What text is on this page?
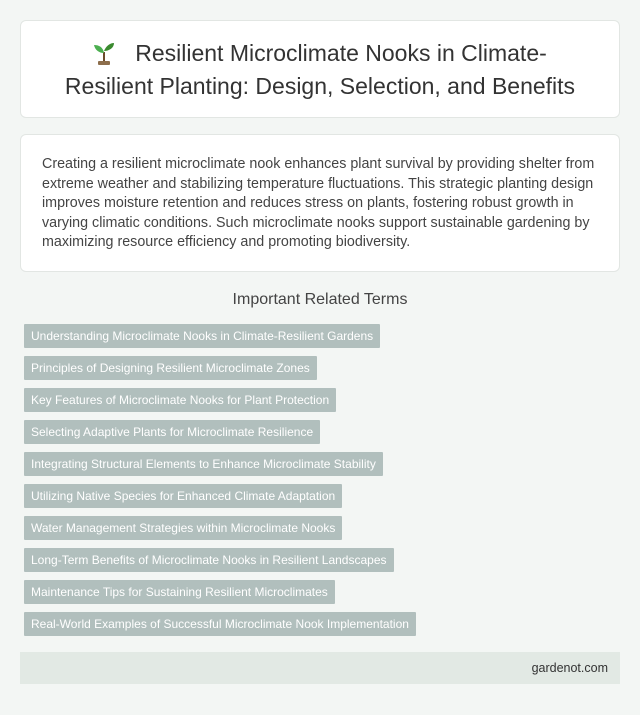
Resilient Microclimate Nooks in Climate-Resilient Planting: Design, Selection, and Benefits

Creating a resilient microclimate nook enhances plant survival by providing shelter from extreme weather and stabilizing temperature fluctuations. This strategic planting design improves moisture retention and reduces stress on plants, fostering robust growth in varying climatic conditions. Such microclimate nooks support sustainable gardening by maximizing resource efficiency and promoting biodiversity.

Important Related Terms
Understanding Microclimate Nooks in Climate-Resilient Gardens
Principles of Designing Resilient Microclimate Zones
Key Features of Microclimate Nooks for Plant Protection
Selecting Adaptive Plants for Microclimate Resilience
Integrating Structural Elements to Enhance Microclimate Stability
Utilizing Native Species for Enhanced Climate Adaptation
Water Management Strategies within Microclimate Nooks
Long-Term Benefits of Microclimate Nooks in Resilient Landscapes
Maintenance Tips for Sustaining Resilient Microclimates
Real-World Examples of Successful Microclimate Nook Implementation
gardenot.com
